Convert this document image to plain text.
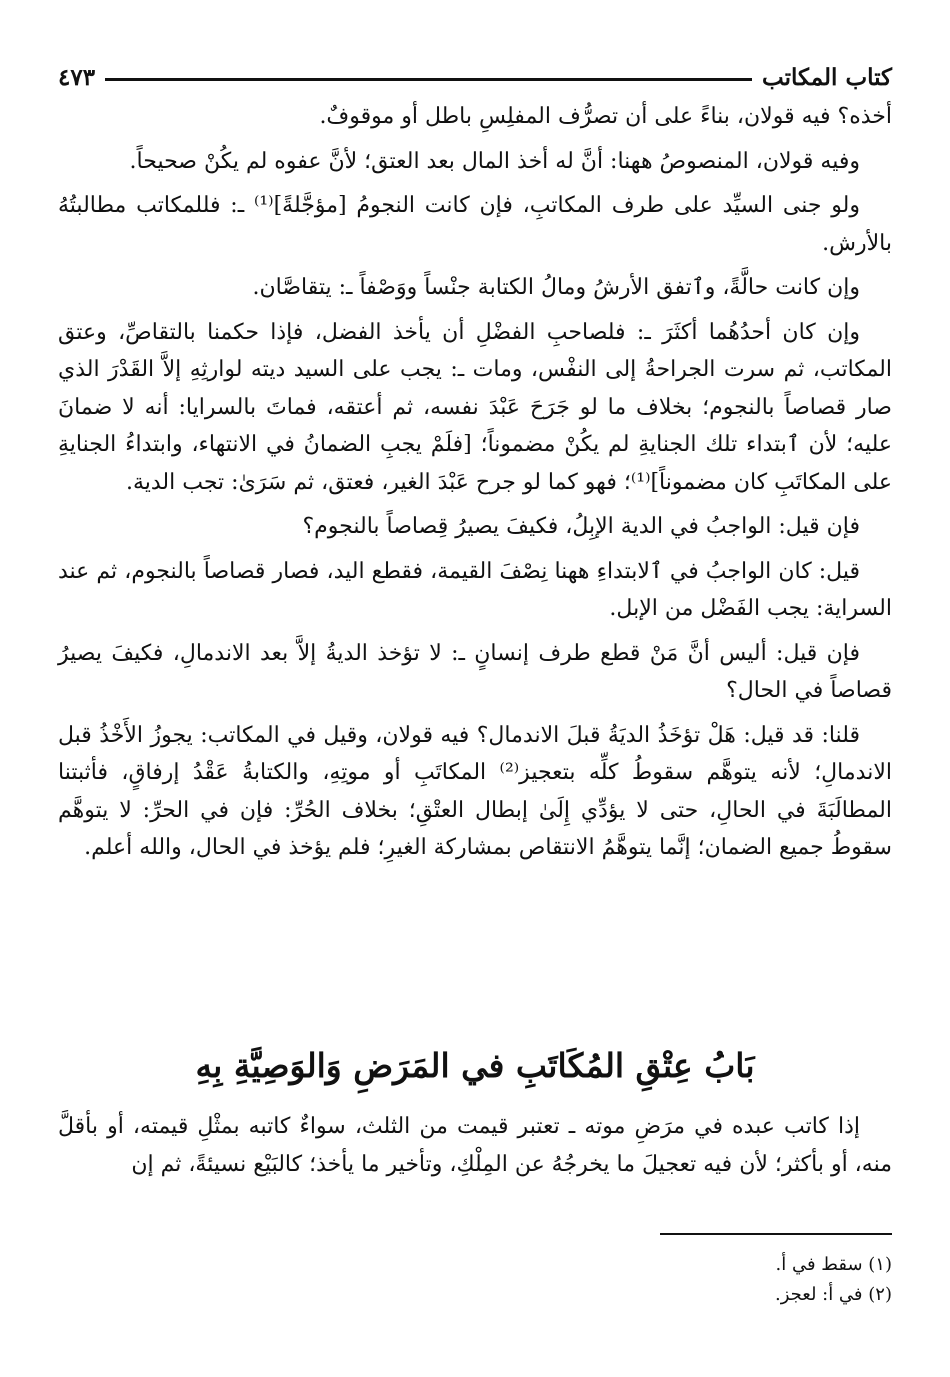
كتاب المكاتب
٤٧٣

أخذه؟ فيه قولان، بناءً على أن تصرُّف المفلِسِ باطل أو موقوفٌ.

وفيه قولان، المنصوصُ ههنا: أنَّ له أخذ المال بعد العتق؛ لأنَّ عفوه لم يكُنْ صحيحاً.

ولو جنى السيِّد على طرف المكاتبِ، فإن كانت النجومُ [مؤجَّلةً]⁽¹⁾ ـ: فللمكاتب مطالبتُهُ بالأرش.

وإن كانت حالَّةً، وٱتفق الأرشُ ومالُ الكتابة جنْساً ووَصْفاً ـ: يتقاصَّان.

وإن كان أحدُهُما أكثَرَ ـ: فلصاحبِ الفضْلِ أن يأخذ الفضل، فإذا حكمنا بالتقاصِّ، وعتق المكاتب، ثم سرت الجراحةُ إلى النفْس، ومات ـ: يجب على السيد ديته لوارثِهِ إلاَّ القَدْرَ الذي صار قصاصاً بالنجوم؛ بخلاف ما لو جَرَحَ عَبْدَ نفسه، ثم أعتقه، فماتَ بالسرايا: أنه لا ضمانَ عليه؛ لأن ٱبتداء تلك الجنايةِ لم يكُنْ مضموناً؛ [فلَمْ يجبِ الضمانُ في الانتهاء، وابتداءُ الجنايةِ على المكاتَبِ كان مضموناً]⁽¹⁾؛ فهو كما لو جرح عَبْدَ الغير، فعتق، ثم سَرَىٰ: تجب الدية.

فإن قيل: الواجبُ في الدية الإبِلُ، فكيفَ يصيرُ قِصاصاً بالنجوم؟

قيل: كان الواجبُ في ٱلابتداءِ ههنا نِصْفَ القيمة، فقطع اليد، فصار قصاصاً بالنجوم، ثم عند السراية: يجب الفَضْل من الإبل.

فإن قيل: أليس أنَّ مَنْ قطع طرف إنسانٍ ـ: لا تؤخذ الديةُ إلاَّ بعد الاندمالِ، فكيفَ يصيرُ قصاصاً في الحال؟

قلنا: قد قيل: هَلْ تؤخَذُ الديَةُ قبلَ الاندمال؟ فيه قولان، وقيل في المكاتب: يجوزُ الأَخْذُ قبل الاندمالِ؛ لأنه يتوهَّم سقوطُ كلِّه بتعجيز⁽²⁾ المكاتَبِ أو موتِهِ، والكتابةُ عَقْدُ إرفاقٍ، فأثبتنا المطالَبَةَ في الحالِ، حتى لا يؤدِّي إِلَىٰ إبطال العتْقِ؛ بخلاف الحُرِّ: فإن في الحرِّ: لا يتوهَّم سقوطُ جميع الضمان؛ إنَّما يتوهَّمُ الانتقاص بمشاركة الغيرِ؛ فلم يؤخذ في الحال، والله أعلم.

بَابُ عِتْقِ المُكَاتَبِ في المَرَضِ وَالوَصِيَّةِ بِهِ

إذا كاتب عبده في مرَضِ موته ـ تعتبر قيمت من الثلث، سواءٌ كاتبه بمثْلِ قيمته، أو بأقلَّ منه، أو بأكثر؛ لأن فيه تعجيلَ ما يخرجُهُ عن المِلْكِ، وتأخير ما يأخذ؛ كالبَيْع نسيئةً، ثم إن

(١) سقط في أ.

(٢) في أ: لعجز.
